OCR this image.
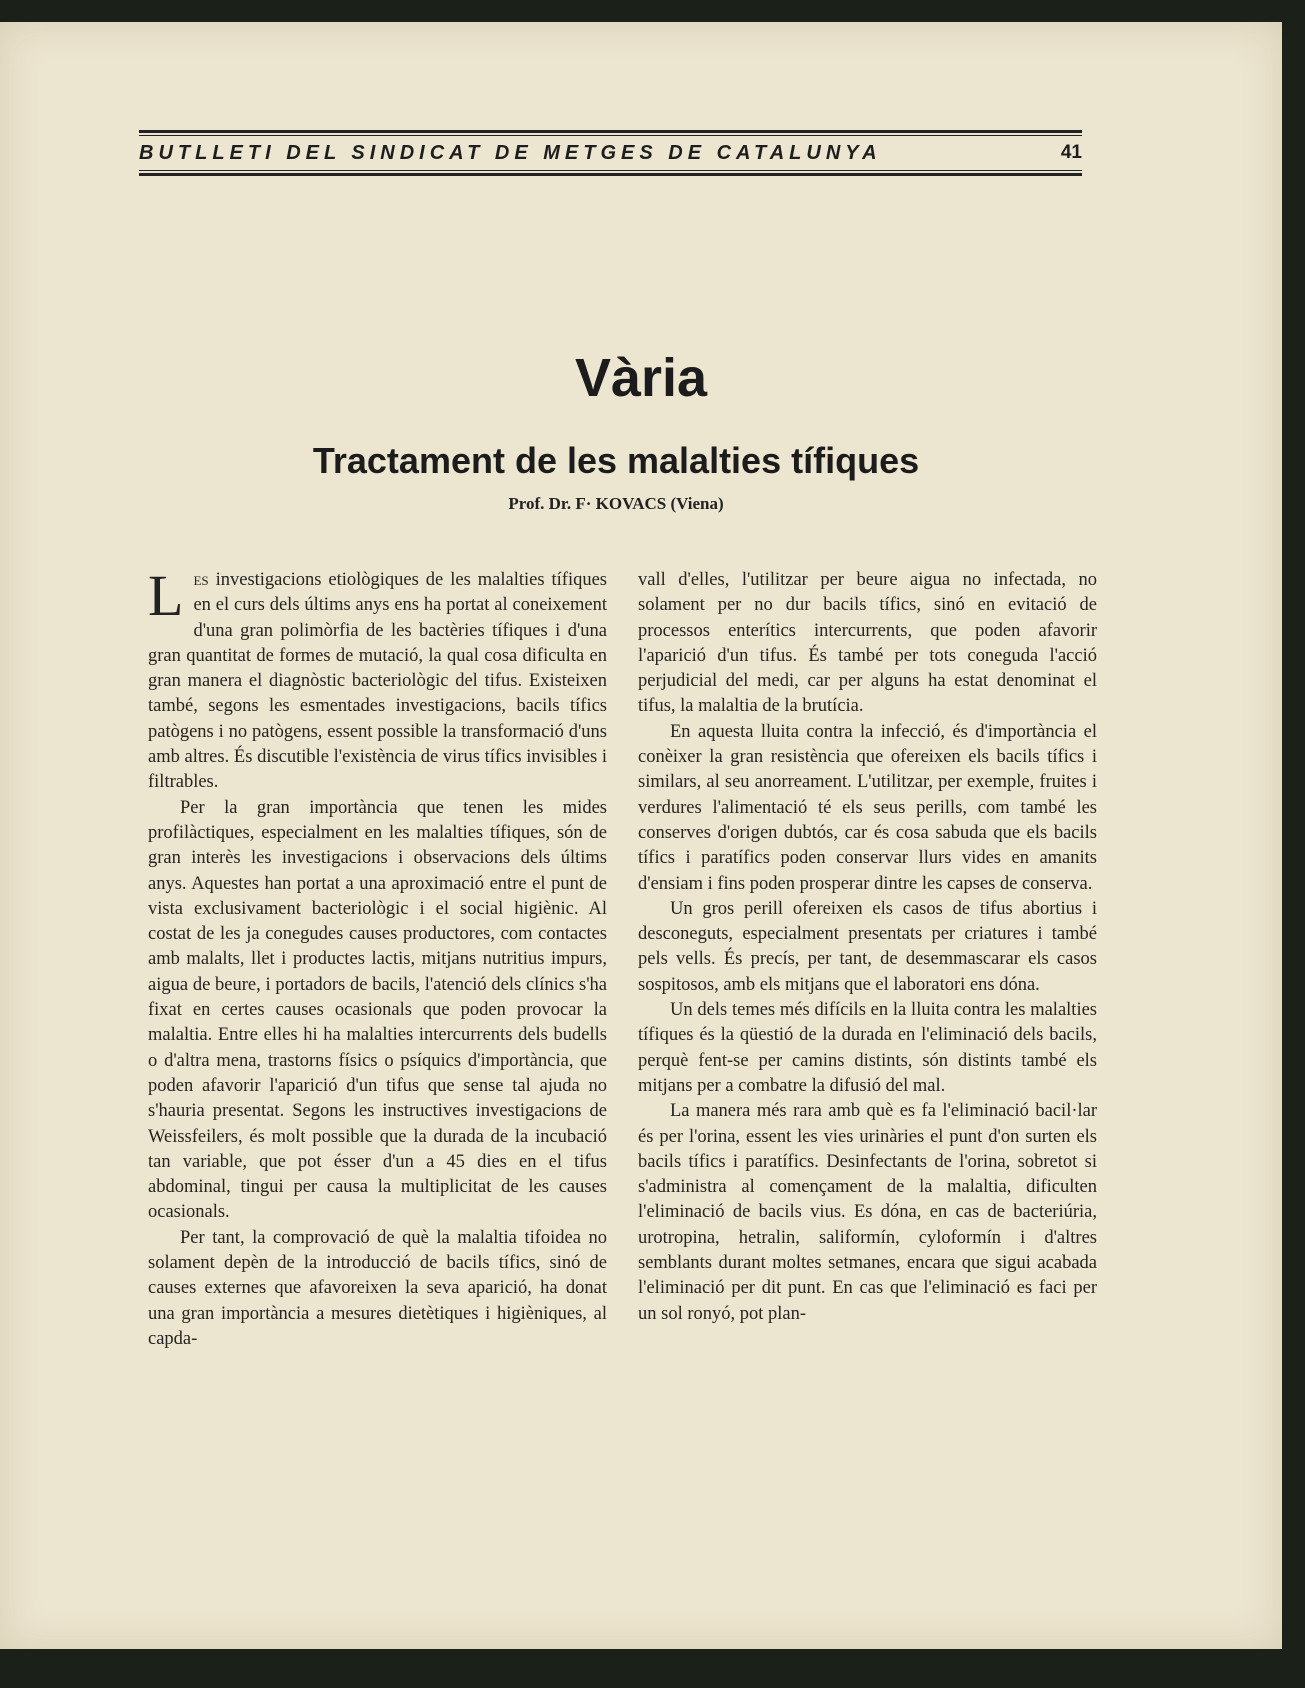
BUTLLETI DEL SINDICAT DE METGES DE CATALUNYA	41
Vària
Tractament de les malalties tífiques
Prof. Dr. F· KOVACS (Viena)

Les investigacions etiològiques de les malalties tífiques en el curs dels últims anys ens ha portat al coneixement d'una gran polimòrfia de les bactèries tífiques i d'una gran quantitat de formes de mutació, la qual cosa dificulta en gran manera el diagnòstic bacteriològic del tifus. Existeixen també, segons les esmentades investigacions, bacils tífics patògens i no patògens, essent possible la transformació d'uns amb altres. És discutible l'existència de virus tífics invisibles i filtrables.

Per la gran importància que tenen les mides profilàctiques, especialment en les malalties tífiques, són de gran interès les investigacions i observacions dels últims anys. Aquestes han portat a una aproximació entre el punt de vista exclusivament bacteriològic i el social higiènic. Al costat de les ja conegudes causes productores, com contactes amb malalts, llet i productes lactis, mitjans nutritius impurs, aigua de beure, i portadors de bacils, l'atenció dels clínics s'ha fixat en certes causes ocasionals que poden provocar la malaltia. Entre elles hi ha malalties intercurrents dels budells o d'altra mena, trastorns físics o psíquics d'importància, que poden afavorir l'aparició d'un tifus que sense tal ajuda no s'hauria presentat. Segons les instructives investigacions de Weissfeilers, és molt possible que la durada de la incubació tan variable, que pot ésser d'un a 45 dies en el tifus abdominal, tingui per causa la multiplicitat de les causes ocasionals.

Per tant, la comprovació de què la malaltia tifoidea no solament depèn de la introducció de bacils tífics, sinó de causes externes que afavoreixen la seva aparició, ha donat una gran importància a mesures dietètiques i higièniques, al capda-

vall d'elles, l'utilitzar per beure aigua no infectada, no solament per no dur bacils tífics, sinó en evitació de processos enterítics intercurrents, que poden afavorir l'aparició d'un tifus. És també per tots coneguda l'acció perjudicial del medi, car per alguns ha estat denominat el tifus, la malaltia de la brutícia.

En aquesta lluita contra la infecció, és d'importància el conèixer la gran resistència que ofereixen els bacils tífics i similars, al seu anorreament. L'utilitzar, per exemple, fruites i verdures l'alimentació té els seus perills, com també les conserves d'origen dubtós, car és cosa sabuda que els bacils tífics i paratífics poden conservar llurs vides en amanits d'ensiam i fins poden prosperar dintre les capses de conserva.

Un gros perill ofereixen els casos de tifus abortius i desconeguts, especialment presentats per criatures i també pels vells. És precís, per tant, de desemmascarar els casos sospitosos, amb els mitjans que el laboratori ens dóna.

Un dels temes més difícils en la lluita contra les malalties tífiques és la qüestió de la durada en l'eliminació dels bacils, perquè fent-se per camins distints, són distints també els mitjans per a combatre la difusió del mal.

La manera més rara amb què es fa l'eliminació bacil·lar és per l'orina, essent les vies urinàries el punt d'on surten els bacils tífics i paratífics. Desinfectants de l'orina, sobretot si s'administra al començament de la malaltia, dificulten l'eliminació de bacils vius. Es dóna, en cas de bacteriúria, urotropina, hetralin, saliformín, cyloformín i d'altres semblants durant moltes setmanes, encara que sigui acabada l'eliminació per dit punt. En cas que l'eliminació es faci per un sol ronyó, pot plan-
